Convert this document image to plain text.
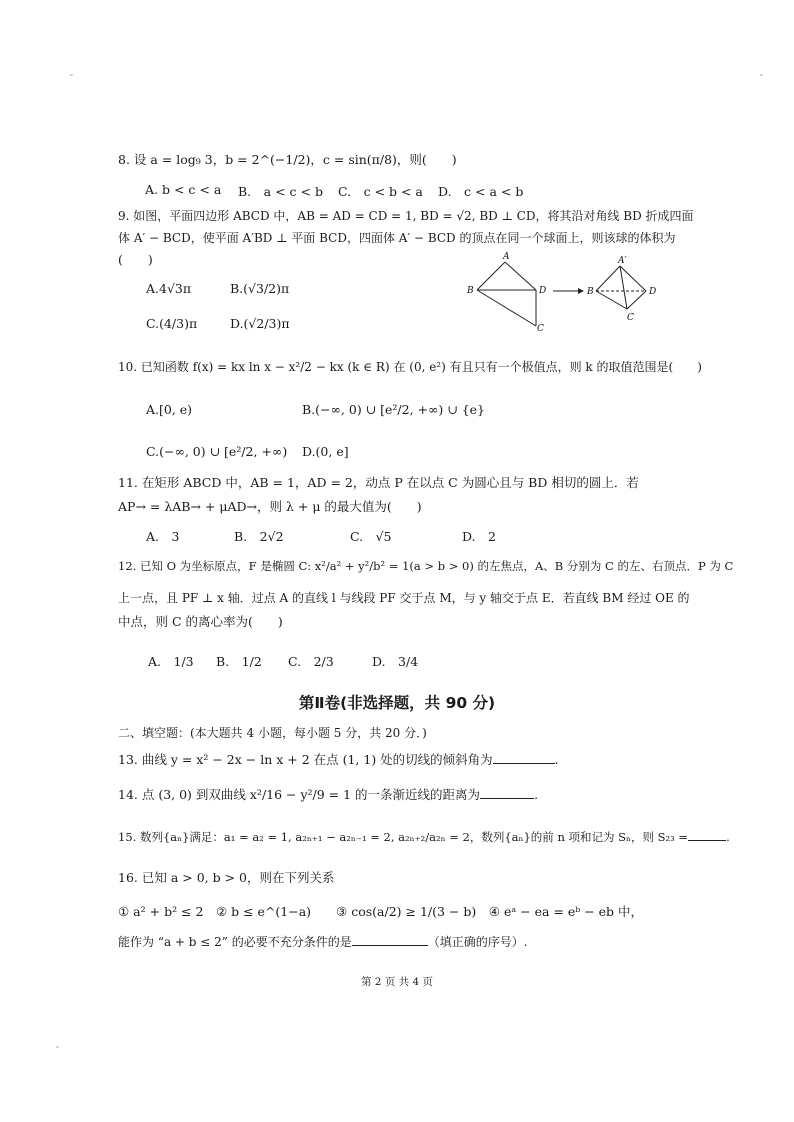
8. 设 a = log₉ 3，b = 2^(−1/2)，c = sin(π/8)，则(　　)
A. b < c < a B.　a < c < b C.　c < b < a D.　c < a < b
9. 如图，平面四边形 ABCD 中，AB = AD = CD = 1, BD = √2, BD ⊥ CD，将其沿对角线 BD 折成四面
体 A′ − BCD，使平面 A′BD ⊥ 平面 BCD，四面体 A′ − BCD 的顶点在同一个球面上，则该球的体积为
(　　)
A.4√3π	B.(√3/2)π
C.(4/3)π	D.(√2/3)π
A
B	D
C
A′
B	D
C
10. 已知函数 f(x) = kx ln x − x²/2 − kx (k ∈ R) 在 (0, e²) 有且只有一个极值点，则 k 的取值范围是(　　)
A.[0, e)	B.(−∞, 0) ∪ [e²/2, +∞) ∪ {e}
C.(−∞, 0) ∪ [e²/2, +∞) D.(0, e]
11. 在矩形 ABCD 中，AB = 1，AD = 2，动点 P 在以点 C 为圆心且与 BD 相切的圆上．若
AP→ = λAB→ + μAD→，则 λ + μ 的最大值为(　　)
A.　3	B.　2√2	C.　√5	D.　2
12. 已知 O 为坐标原点，F 是椭圆 C: x²/a² + y²/b² = 1(a > b > 0) 的左焦点，A、B 分别为 C 的左、右顶点．P 为 C
上一点，且 PF ⊥ x 轴．过点 A 的直线 l 与线段 PF 交于点 M，与 y 轴交于点 E．若直线 BM 经过 OE 的
中点，则 C 的离心率为(　　)
A.　1/3 B.　1/2 C.　2/3	D.　3/4
第Ⅱ卷(非选择题，共 90 分)
二、填空题：(本大题共 4 小题，每小题 5 分，共 20 分．)
13. 曲线 y = x² − 2x − ln x + 2 在点 (1, 1) 处的切线的倾斜角为	.
14. 点 (3, 0) 到双曲线 x²/16 − y²/9 = 1 的一条渐近线的距离为	.
15. 数列{aₙ}满足：a₁ = a₂ = 1, a₂ₙ₊₁ − a₂ₙ₋₁ = 2, a₂ₙ₊₂/a₂ₙ = 2，数列{aₙ}的前 n 项和记为 Sₙ，则 S₂₃ =	.
16. 已知 a > 0, b > 0，则在下列关系
① a² + b² ≤ 2　② b ≤ e^(1−a)　　③ cos(a/2) ≥ 1/(3 − b)　④ eᵃ − ea = eᵇ − eb 中，
能作为 “a + b ≤ 2” 的必要不充分条件的是	（填正确的序号）.
第 2 页 共 4 页
